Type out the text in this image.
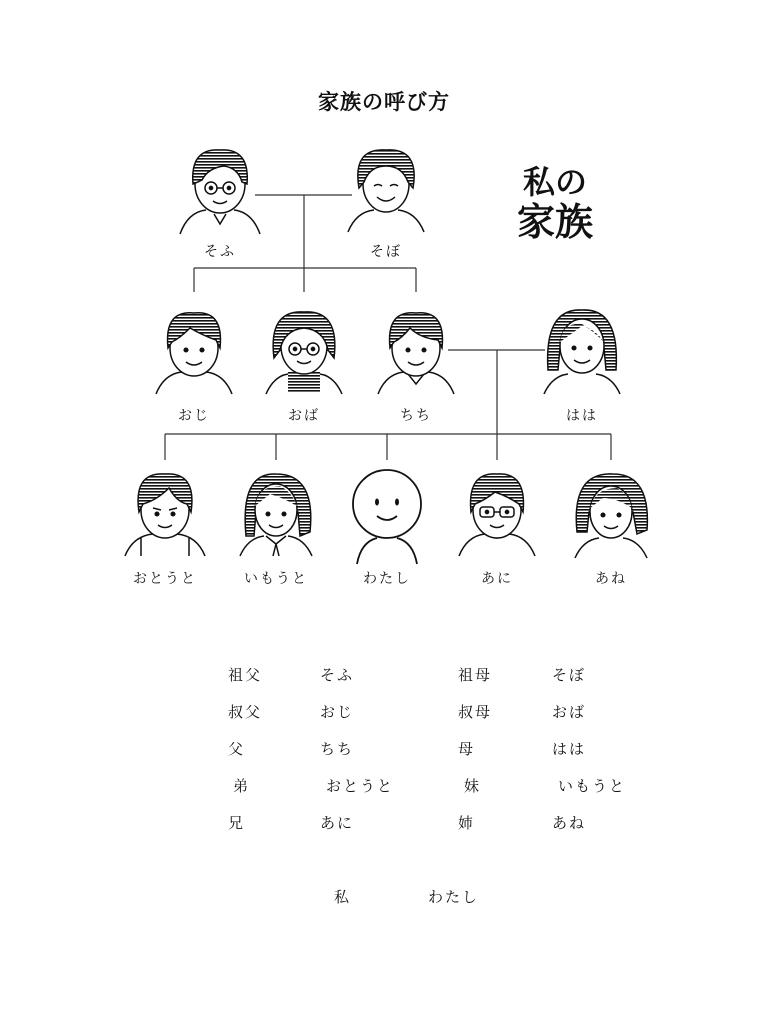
家族の呼び方
私の
家族
そふ	そぼ
おじ	おば	ちち	はは
おとうと	いもうと	わたし	あに	あね
祖父	そふ	祖母	そぼ
叔父	おじ	叔母	おば
父	ちち	母	はは
弟	おとうと	妹	いもうと
兄	あに	姉	あね
私	わたし
